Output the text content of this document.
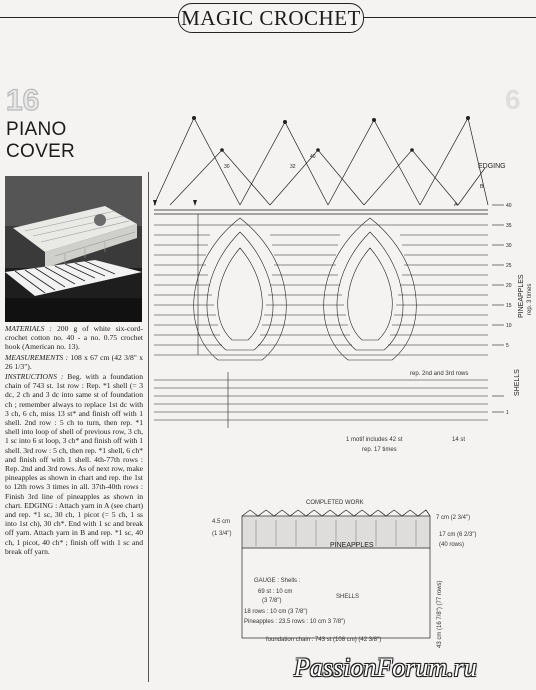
MAGIC CROCHET
16	6
PIANO
COVER

MATERIALS : 200 g of white six-cord-crochet cotton no. 40 - a no. 0.75 crochet hook (American no. 13).

MEASUREMENTS : 108 x 67 cm (42 3/8" x 26 1/3").

INSTRUCTIONS : Beg. with a foundation chain of 743 st. 1st row : Rep. *1 shell (= 3 dc, 2 ch and 3 dc into same st of foundation ch ; remember always to replace 1st dc with 3 ch, 6 ch, miss 13 st* and finish off with 1 shell. 2nd row : 5 ch to turn, then rep. *1 shell into loop of shell of previous row, 3 ch, 1 sc into 6 st loop, 3 ch* and finish off with 1 shell. 3rd row : 5 ch, then rep. *1 shell, 6 ch* and finish off with 1 shell. 4th-77th rows : Rep. 2nd and 3rd rows. As of next row, make pineapples as shown in chart and rep. the 1st to 12th rows 3 times in all. 37th-40th rows : Finish 3rd line of pineapples as shown in chart. EDGING : Attach yarn in A (see chart) and rep. *1 sc, 30 ch, 1 picot (= 5 ch, 1 ss into 1st ch), 30 ch*. End with 1 sc and break off yarn. Attach yarn in B and rep. *1 sc, 40 ch, 1 picot, 40 ch* ; finish off with 1 sc and break off yarn.

40
35
30
25
20
15
10
5
1
40
30	32
B
A
EDGING
PINEAPPLES rep. 3 times
SHELLS
rep. 2nd and 3rd rows
1 motif includes 42 st
rep. 17 times
14 st
COMPLETED WORK
4.5 cm
(1 3/4")
7 cm (2 3/4")
17 cm (6 2/3")
(40 rows)
PINEAPPLES
SHELLS
GAUGE : Shells :
69 st : 10 cm
(3 7/8")
18 rows : 10 cm (3 7/8")
Pineapples : 23.5 rows : 10 cm 3 7/8")	43 cm (16 7/8") (77 rows)
foundation chain : 743 st (108 cm) (42 3/8")
PassionForum.ru
